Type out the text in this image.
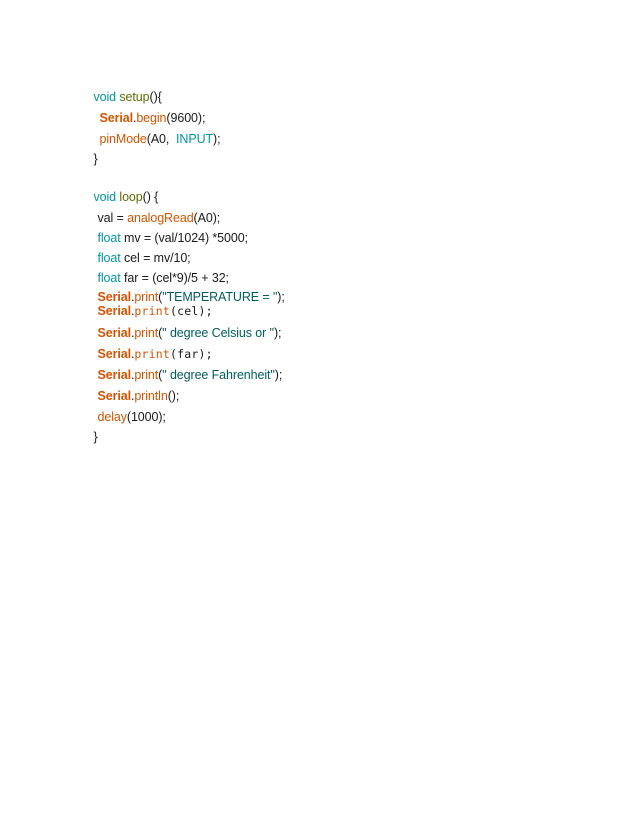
void setup(){

Serial.begin(9600);

pinMode(A0,  INPUT);

}

void loop() {

val = analogRead(A0);

float mv = (val/1024) *5000;

float cel = mv/10;

float far = (cel*9)/5 + 32;

Serial.print("TEMPERATURE = ");

Serial.print(cel);

Serial.print(" degree Celsius or ");

Serial.print(far);

Serial.print(" degree Fahrenheit");

Serial.println();

delay(1000);

}
